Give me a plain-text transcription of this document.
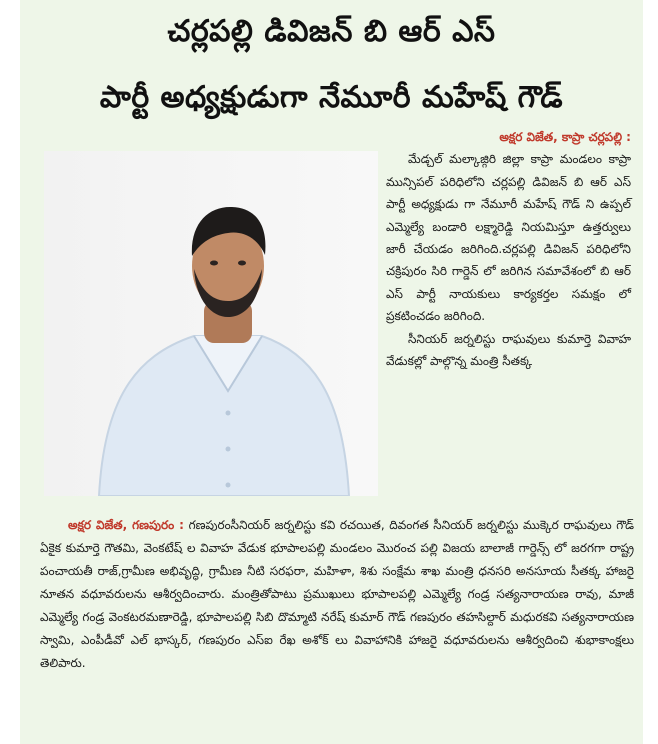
చర్లపల్లి డివిజన్ బి ఆర్ ఎస్
పార్టీ అధ్యక్షుడుగా నేమూరీ మహేష్ గౌడ్

అక్షర విజేత, కాప్రా చర్లపల్లి :

మేడ్చల్ మల్కాజ్గిరి జిల్లా కాప్రా మండలం కాప్రా మున్సిపల్ పరిధిలోని చర్లపల్లి డివిజన్ బి ఆర్ ఎస్ పార్టీ అధ్యక్షుడు గా నేమూరీ మహేష్ గౌడ్ ని ఉప్పల్ ఎమ్మెల్యే బండారి లక్ష్మారెడ్డి నియమిస్తూ ఉత్తర్వులు జారీ చేయడం జరిగింది.చర్లపల్లి డివిజన్ పరిధిలోని చక్రిపురం సిరి గార్డెన్ లో జరిగిన సమావేశంలో బి ఆర్ ఎస్ పార్టీ నాయకులు కార్యకర్తల సమక్షం లో ప్రకటించడం జరిగింది.

సీనియర్ జర్నలిస్టు రాఘవులు కుమార్తె వివాహ వేడుకల్లో పాల్గొన్న మంత్రి సీతక్క

అక్షర విజేత, గణపురం : గణపురంసీనియర్ జర్నలిస్టు కవి రచయిత, దివంగత సీనియర్ జర్నలిస్టు ముక్కెర రాఘవులు గౌడ్ ఏకైక కుమార్తె గౌతమి, వెంకటేష్ ల వివాహ వేడుక భూపాలపల్లి మండలం మొరంచ పల్లి విజయ బాలాజీ గార్డెన్స్ లో జరగగా రాష్ట్ర పంచాయతీ రాజ్,గ్రామీణ అభివృద్ధి, గ్రామీణ నీటి సరఫరా, మహిళా, శిశు సంక్షేమ శాఖ మంత్రి ధనసరి అనసూయ సీతక్క హాజరై నూతన వధూవరులను ఆశీర్వదించారు. మంత్రితోపాటు ప్రముఖులు భూపాలపల్లి ఎమ్మెల్యే గండ్ర సత్యనారాయణ రావు, మాజీ ఎమ్మెల్యే గండ్ర వెంకటరమణారెడ్డి, భూపాలపల్లి సిబి దొమ్మాటి నరేష్ కుమార్ గౌడ్ గణపురం తహసిల్దార్ మధురకవి సత్యనారాయణ స్వామి, ఎంపీడీవో ఎల్ భాస్కర్, గణపురం ఎస్ఐ రేఖ అశోక్ లు వివాహానికి హాజరై వధూవరులను ఆశీర్వదించి శుభాకాంక్షలు తెలిపారు.
